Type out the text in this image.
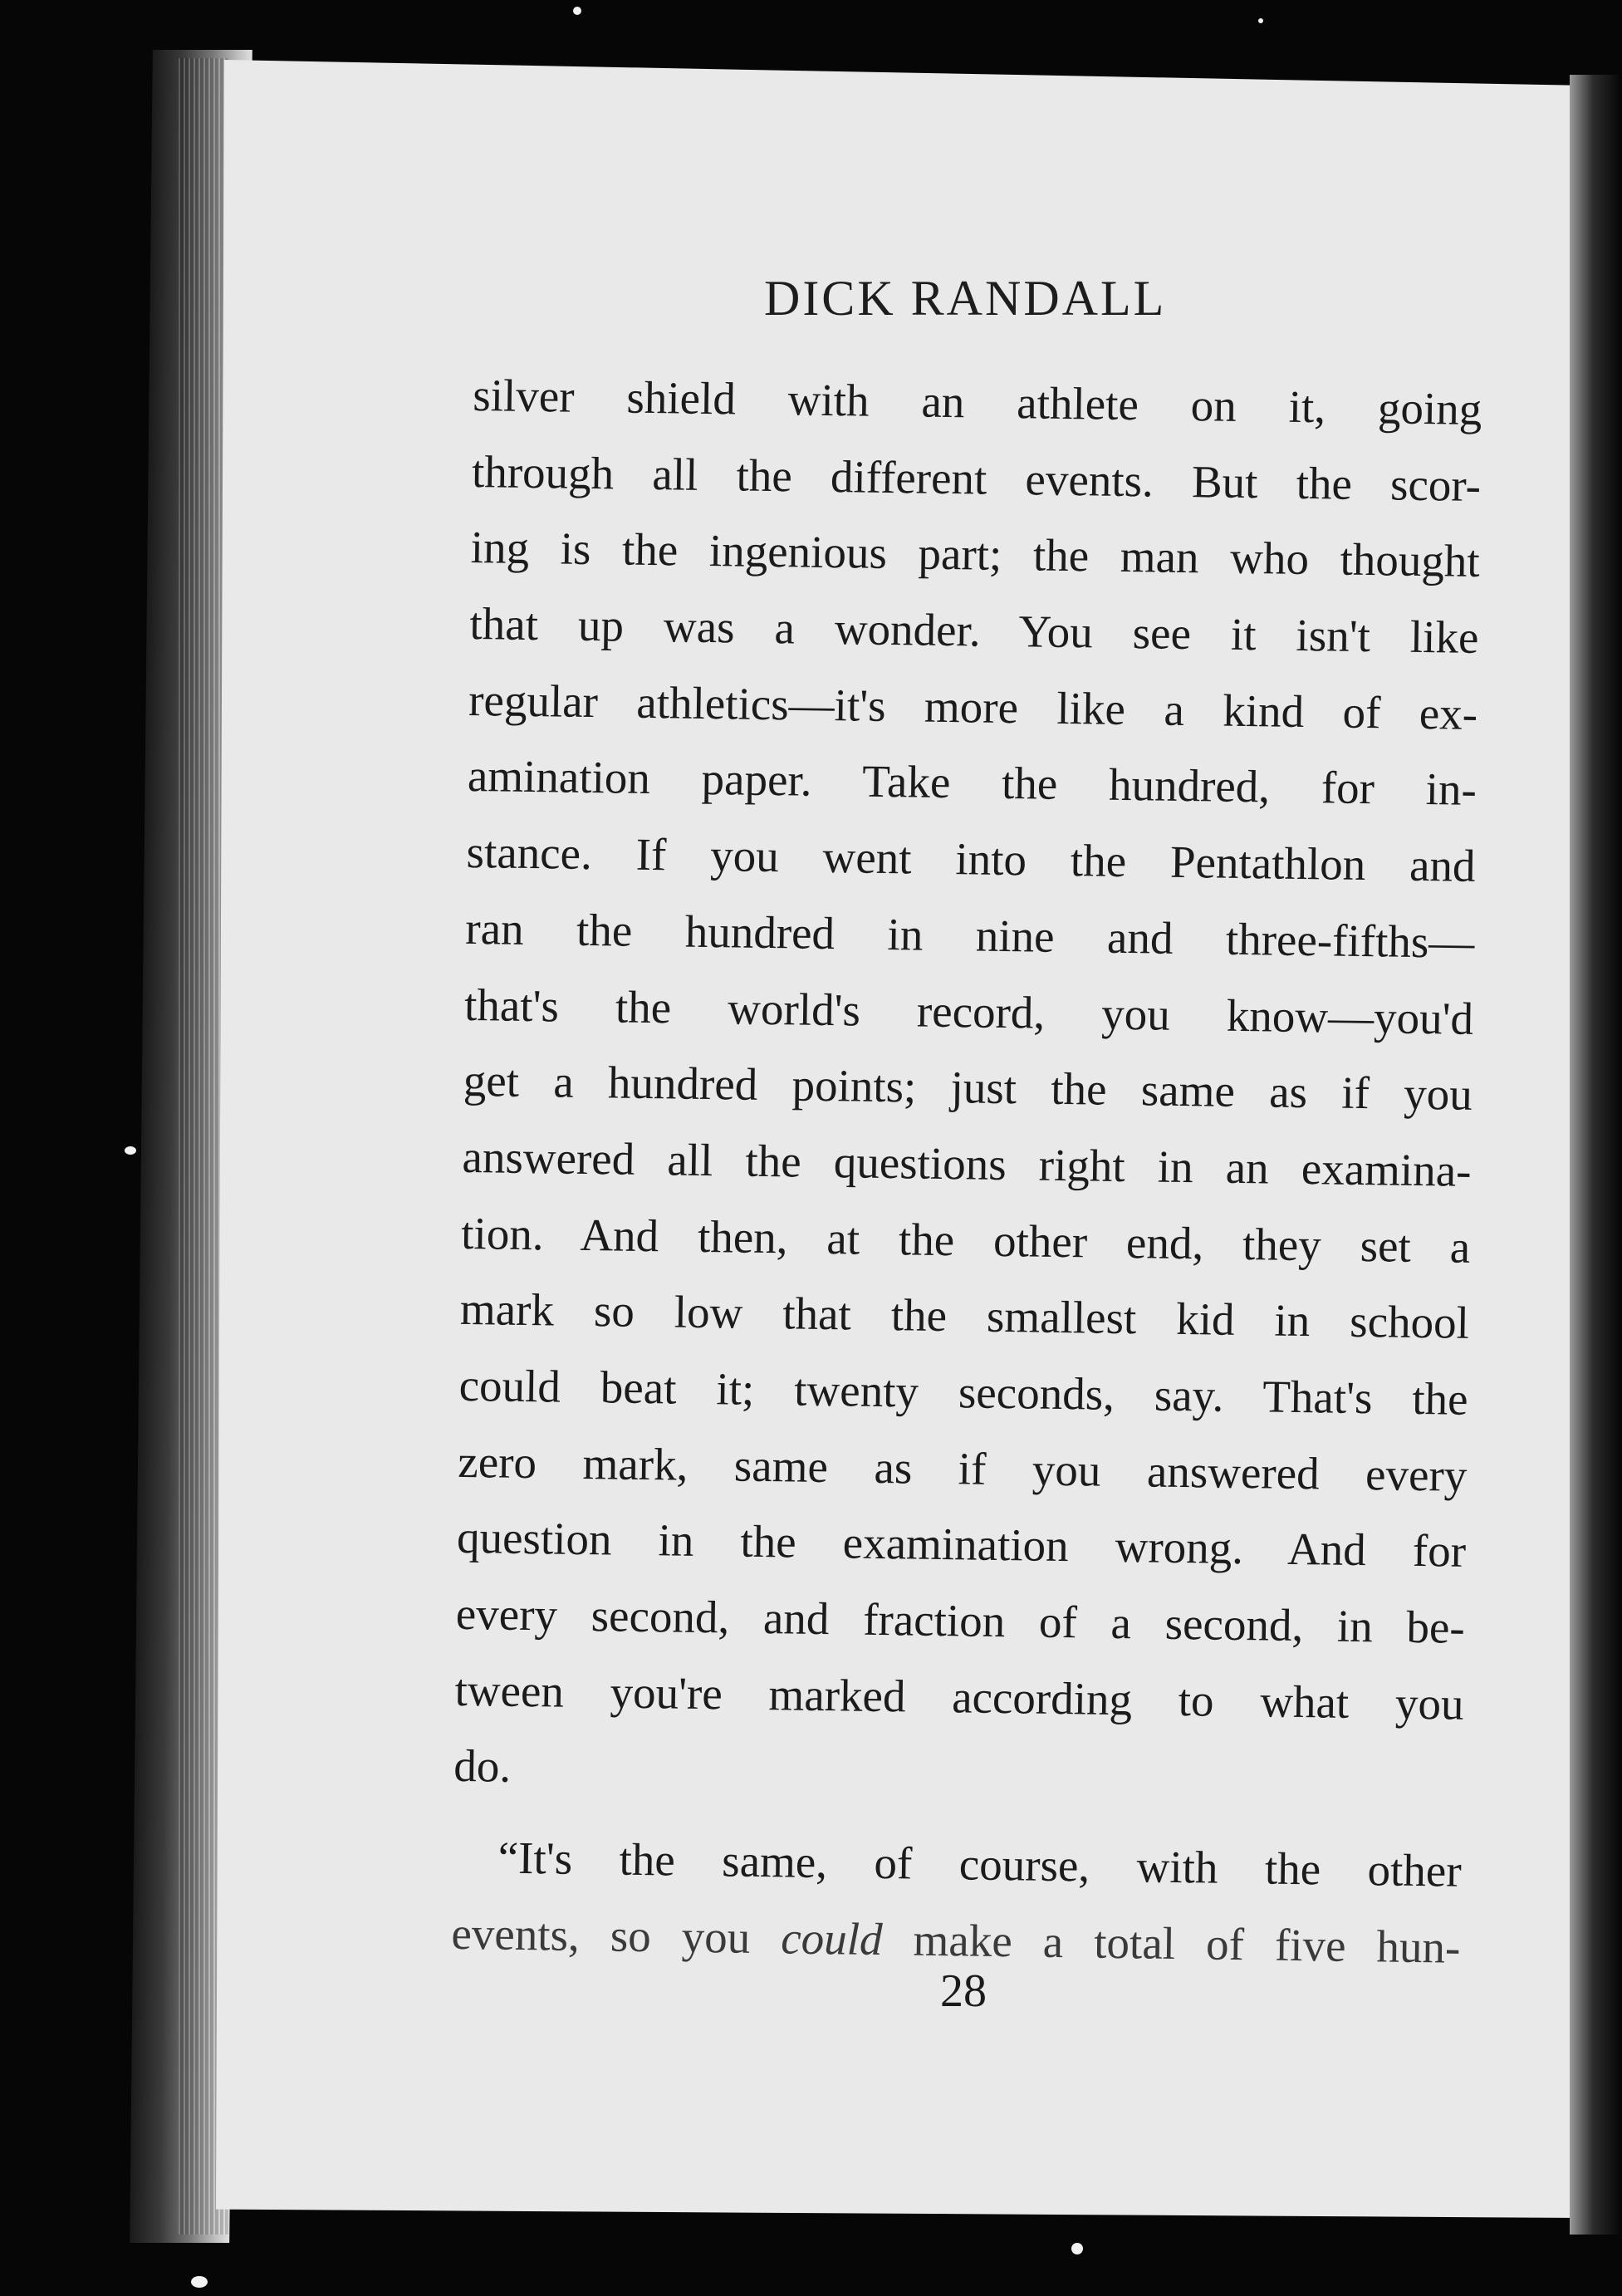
DICK RANDALL
silver shield with an athlete on it, going
through all the different events. But the scor-
ing is the ingenious part; the man who thought
that up was a wonder. You see it isn't like
regular athletics—it's more like a kind of ex-
amination paper. Take the hundred, for in-
stance. If you went into the Pentathlon and
ran the hundred in nine and three-fifths—
that's the world's record, you know—you'd
get a hundred points; just the same as if you
answered all the questions right in an examina-
tion. And then, at the other end, they set a
mark so low that the smallest kid in school
could beat it; twenty seconds, say. That's the
zero mark, same as if you answered every
question in the examination wrong. And for
every second, and fraction of a second, in be-
tween you're marked according to what you
do.
“It's the same, of course, with the other
events, so you could make a total of five hun-
28
